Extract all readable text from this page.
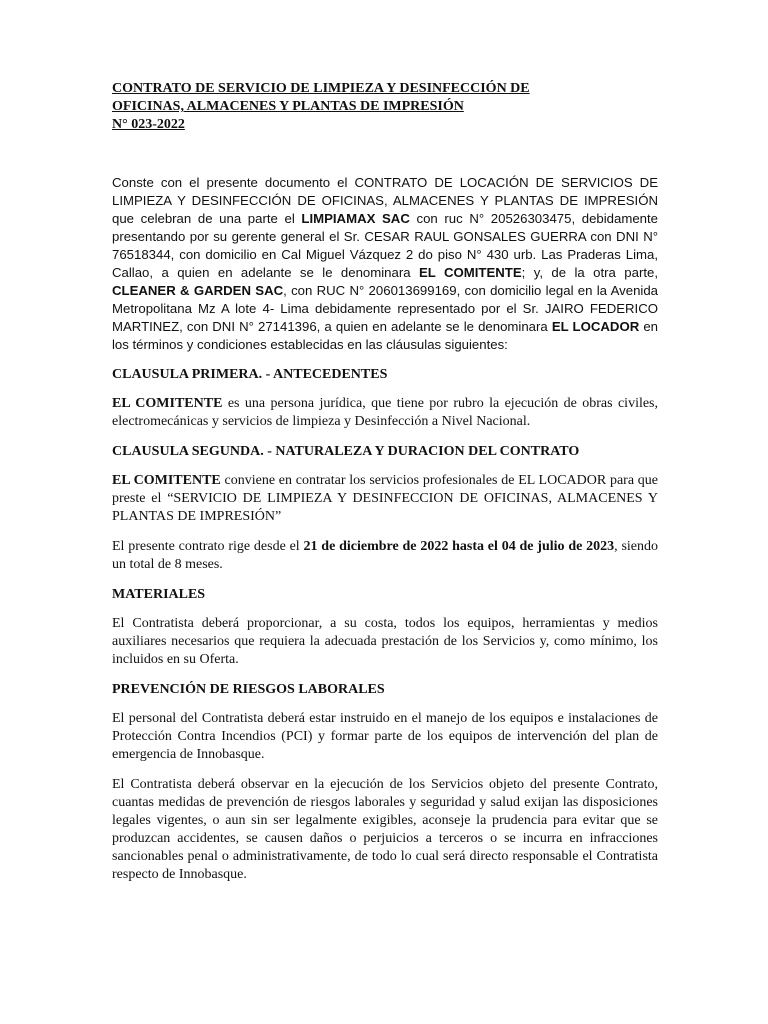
CONTRATO DE SERVICIO DE LIMPIEZA Y DESINFECCIÓN DE

OFICINAS, ALMACENES Y PLANTAS DE IMPRESIÓN

N° 023-2022

Conste con el presente documento el CONTRATO DE LOCACIÓN DE SERVICIOS DE LIMPIEZA Y DESINFECCIÓN DE OFICINAS, ALMACENES Y PLANTAS DE IMPRESIÓN que celebran de una parte el LIMPIAMAX SAC con ruc N° 20526303475, debidamente presentando por su gerente general el Sr. CESAR RAUL GONSALES GUERRA con DNI N° 76518344, con domicilio en Cal Miguel Vázquez 2 do piso N° 430 urb. Las Praderas Lima, Callao, a quien en adelante se le denominara EL COMITENTE; y, de la otra parte, CLEANER & GARDEN SAC, con RUC N° 206013699169, con domicilio legal en la Avenida Metropolitana Mz A lote 4- Lima debidamente representado por el Sr. JAIRO FEDERICO MARTINEZ, con DNI N° 27141396, a quien en adelante se le denominara EL LOCADOR en los términos y condiciones establecidas en las cláusulas siguientes:

CLAUSULA PRIMERA. - ANTECEDENTES

EL COMITENTE es una persona jurídica, que tiene por rubro la ejecución de obras civiles, electromecánicas y servicios de limpieza y Desinfección a Nivel Nacional.

CLAUSULA SEGUNDA. - NATURALEZA Y DURACION DEL CONTRATO

EL COMITENTE conviene en contratar los servicios profesionales de EL LOCADOR para que preste el “SERVICIO DE LIMPIEZA Y DESINFECCION DE OFICINAS, ALMACENES Y PLANTAS DE IMPRESIÓN”

El presente contrato rige desde el 21 de diciembre de 2022 hasta el 04 de julio de 2023, siendo un total de 8 meses.

MATERIALES

El Contratista deberá proporcionar, a su costa, todos los equipos, herramientas y medios auxiliares necesarios que requiera la adecuada prestación de los Servicios y, como mínimo, los incluidos en su Oferta.

PREVENCIÓN DE RIESGOS LABORALES

El personal del Contratista deberá estar instruido en el manejo de los equipos e instalaciones de Protección Contra Incendios (PCI) y formar parte de los equipos de intervención del plan de emergencia de Innobasque.

El Contratista deberá observar en la ejecución de los Servicios objeto del presente Contrato, cuantas medidas de prevención de riesgos laborales y seguridad y salud exijan las disposiciones legales vigentes, o aun sin ser legalmente exigibles, aconseje la prudencia para evitar que se produzcan accidentes, se causen daños o perjuicios a terceros o se incurra en infracciones sancionables penal o administrativamente, de todo lo cual será directo responsable el Contratista respecto de Innobasque.
